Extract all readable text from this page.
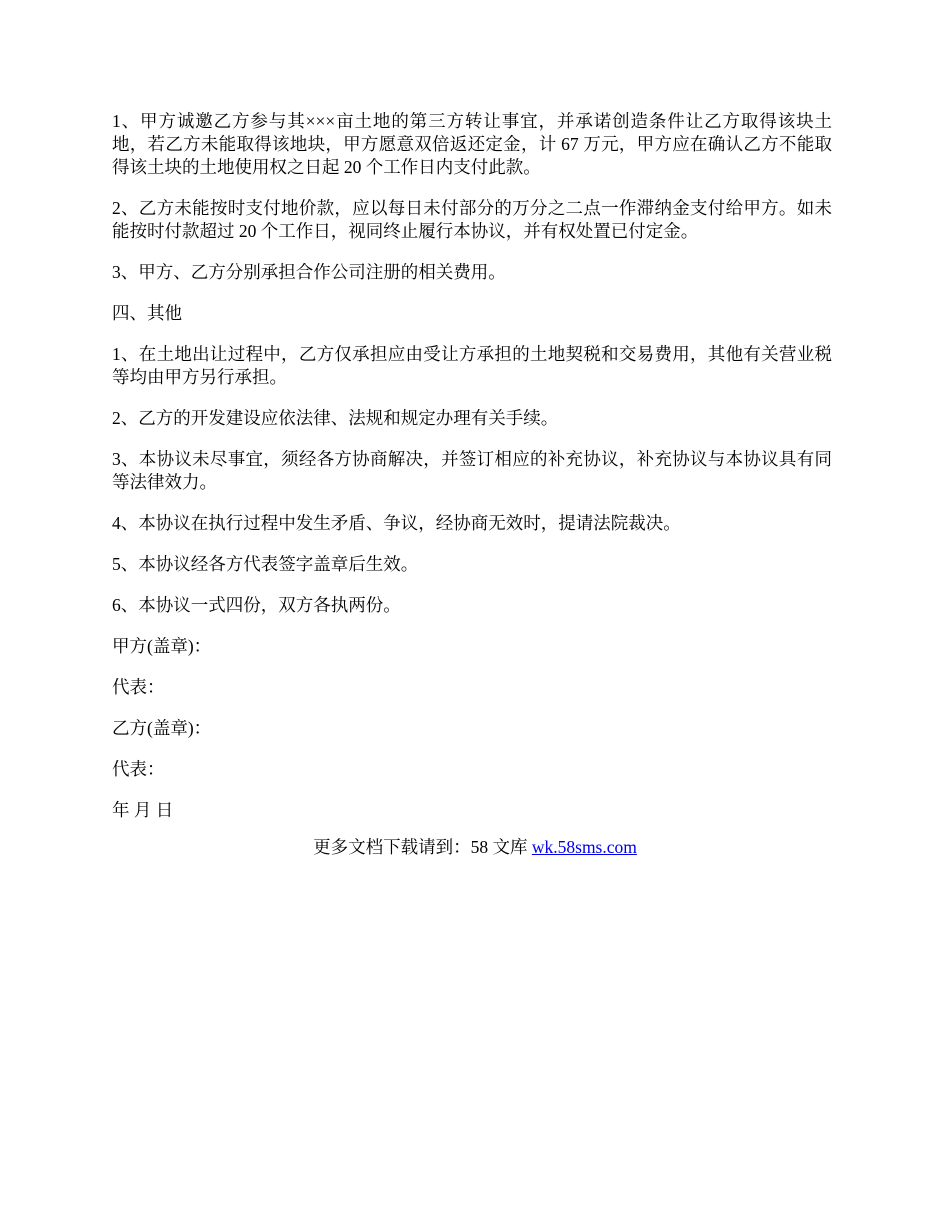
1、甲方诚邀乙方参与其×××亩土地的第三方转让事宜，并承诺创造条件让乙方取得该块土地，若乙方未能取得该地块，甲方愿意双倍返还定金，计 67 万元，甲方应在确认乙方不能取得该土块的土地使用权之日起 20 个工作日内支付此款。

2、乙方未能按时支付地价款，应以每日未付部分的万分之二点一作滞纳金支付给甲方。如未能按时付款超过 20 个工作日，视同终止履行本协议，并有权处置已付定金。

3、甲方、乙方分别承担合作公司注册的相关费用。

四、其他

1、在土地出让过程中，乙方仅承担应由受让方承担的土地契税和交易费用，其他有关营业税等均由甲方另行承担。

2、乙方的开发建设应依法律、法规和规定办理有关手续。

3、本协议未尽事宜，须经各方协商解决，并签订相应的补充协议，补充协议与本协议具有同等法律效力。

4、本协议在执行过程中发生矛盾、争议，经协商无效时，提请法院裁决。

5、本协议经各方代表签字盖章后生效。

6、本协议一式四份，双方各执两份。

甲方(盖章)：

代表：

乙方(盖章)：

代表：

年 月 日

更多文档下载请到：58 文库 wk.58sms.com
